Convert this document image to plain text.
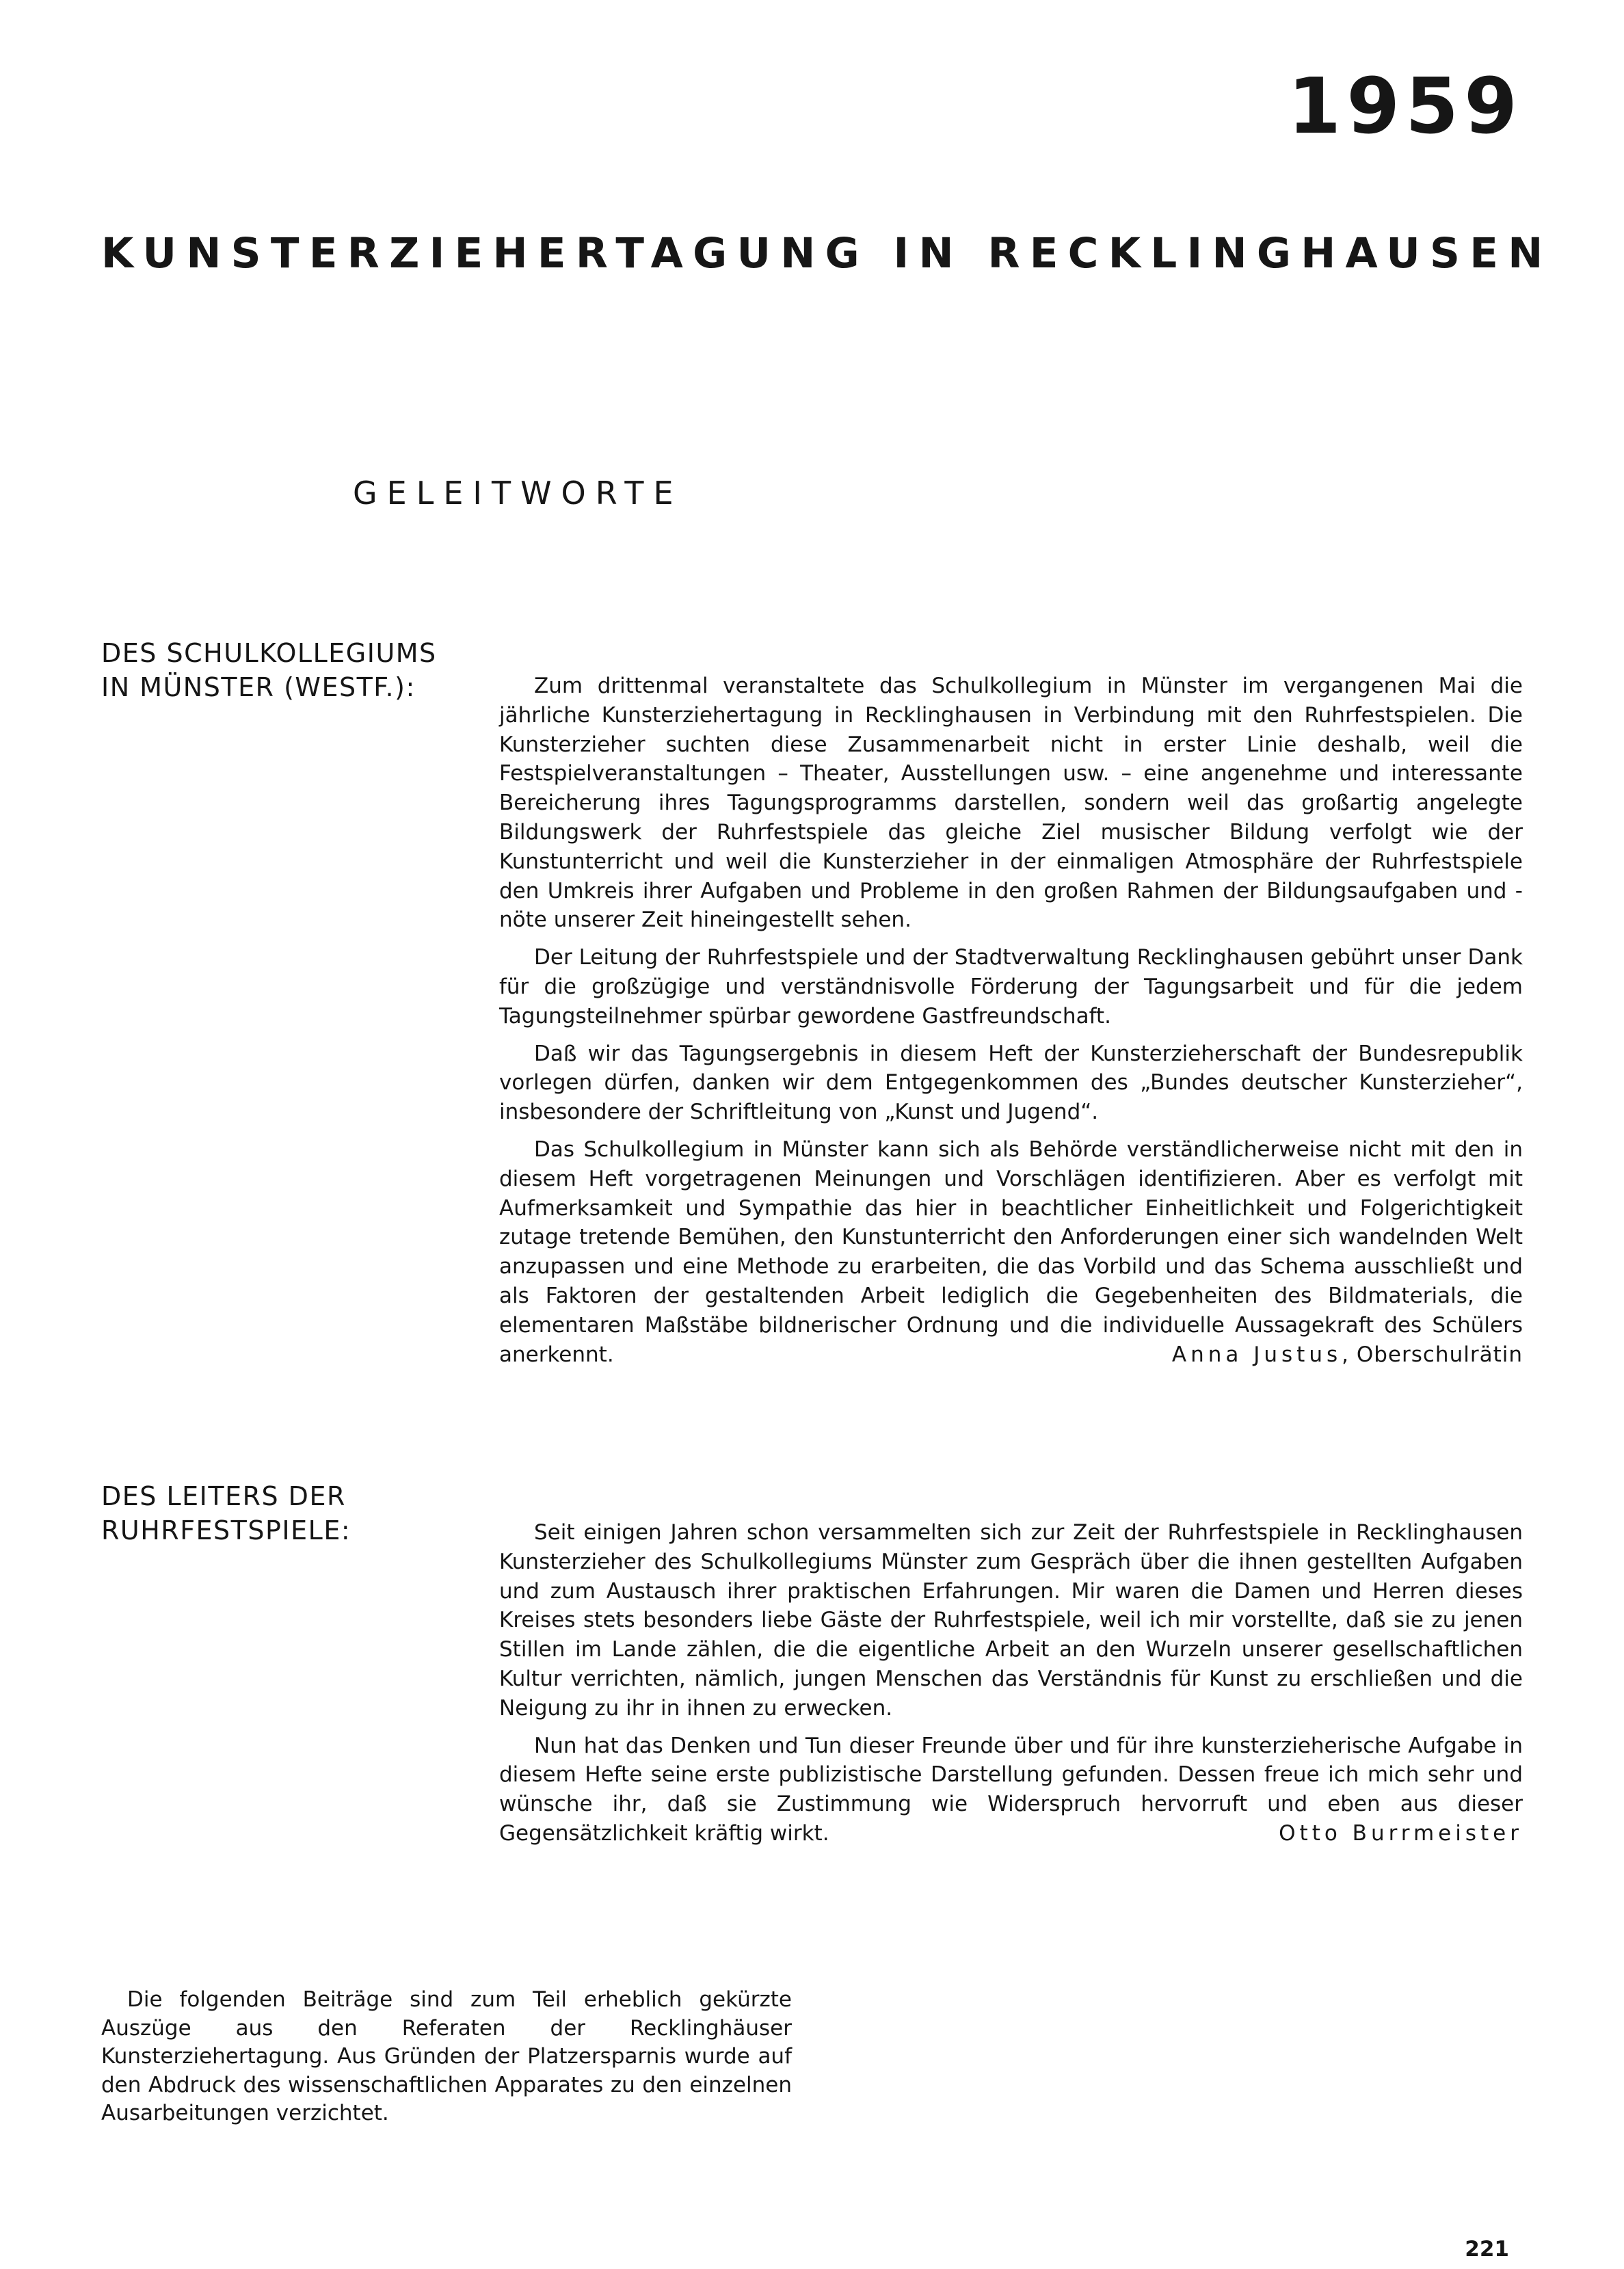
1959
KUNSTERZIEHERTAGUNG IN RECKLINGHAUSEN
GELEITWORTE
DES SCHULKOLLEGIUMS
IN MÜNSTER (WESTF.):	Zum drittenmal veranstaltete das Schulkollegium in Münster im vergangenen Mai die jährliche Kunsterziehertagung in Recklinghausen in Verbindung mit den Ruhrfestspielen. Die Kunsterzieher suchten diese Zusammenarbeit nicht in erster Linie deshalb, weil die Festspielveranstaltungen – Theater, Ausstellungen usw. – eine angenehme und interessante Bereicherung ihres Tagungsprogramms darstellen, sondern weil das großartig angelegte Bildungswerk der Ruhrfestspiele das gleiche Ziel musischer Bildung verfolgt wie der Kunstunterricht und weil die Kunsterzieher in der einmaligen Atmosphäre der Ruhrfestspiele den Umkreis ihrer Aufgaben und Probleme in den großen Rahmen der Bildungsaufgaben und -nöte unserer Zeit hineingestellt sehen.

Der Leitung der Ruhrfestspiele und der Stadtverwaltung Recklinghausen gebührt unser Dank für die großzügige und verständnisvolle Förderung der Tagungsarbeit und für die jedem Tagungsteilnehmer spürbar gewordene Gastfreundschaft.

Daß wir das Tagungsergebnis in diesem Heft der Kunsterzieherschaft der Bundesrepublik vorlegen dürfen, danken wir dem Entgegenkommen des „Bundes deutscher Kunsterzieher“, insbesondere der Schriftleitung von „Kunst und Jugend“.

Das Schulkollegium in Münster kann sich als Behörde verständlicherweise nicht mit den in diesem Heft vorgetragenen Meinungen und Vorschlägen identifizieren. Aber es verfolgt mit Aufmerksamkeit und Sympathie das hier in beachtlicher Einheitlichkeit und Folgerichtigkeit zutage tretende Bemühen, den Kunstunterricht den Anforderungen einer sich wandelnden Welt anzupassen und eine Methode zu erarbeiten, die das Vorbild und das Schema ausschließt und als Faktoren der gestaltenden Arbeit lediglich die Gegebenheiten des Bildmaterials, die elementaren Maßstäbe bildnerischer Ordnung und die individuelle Aussagekraft des Schülers anerkennt.	Anna Justus, Oberschulrätin

DES LEITERS DER
RUHRFESTSPIELE:	Seit einigen Jahren schon versammelten sich zur Zeit der Ruhrfestspiele in Recklinghausen Kunsterzieher des Schulkollegiums Münster zum Gespräch über die ihnen gestellten Aufgaben und zum Austausch ihrer praktischen Erfahrungen. Mir waren die Damen und Herren dieses Kreises stets besonders liebe Gäste der Ruhrfestspiele, weil ich mir vorstellte, daß sie zu jenen Stillen im Lande zählen, die die eigentliche Arbeit an den Wurzeln unserer gesellschaftlichen Kultur verrichten, nämlich, jungen Menschen das Verständnis für Kunst zu erschließen und die Neigung zu ihr in ihnen zu erwecken.

Nun hat das Denken und Tun dieser Freunde über und für ihre kunsterzieherische Aufgabe in diesem Hefte seine erste publizistische Darstellung gefunden. Dessen freue ich mich sehr und wünsche ihr, daß sie Zustimmung wie Widerspruch hervorruft und eben aus dieser Gegensätzlichkeit kräftig wirkt.	Otto Burrmeister

Die folgenden Beiträge sind zum Teil erheblich gekürzte Auszüge aus den Referaten der Recklinghäuser Kunsterziehertagung. Aus Gründen der Platzersparnis wurde auf den Abdruck des wissenschaftlichen Apparates zu den einzelnen Ausarbeitungen verzichtet.

221
